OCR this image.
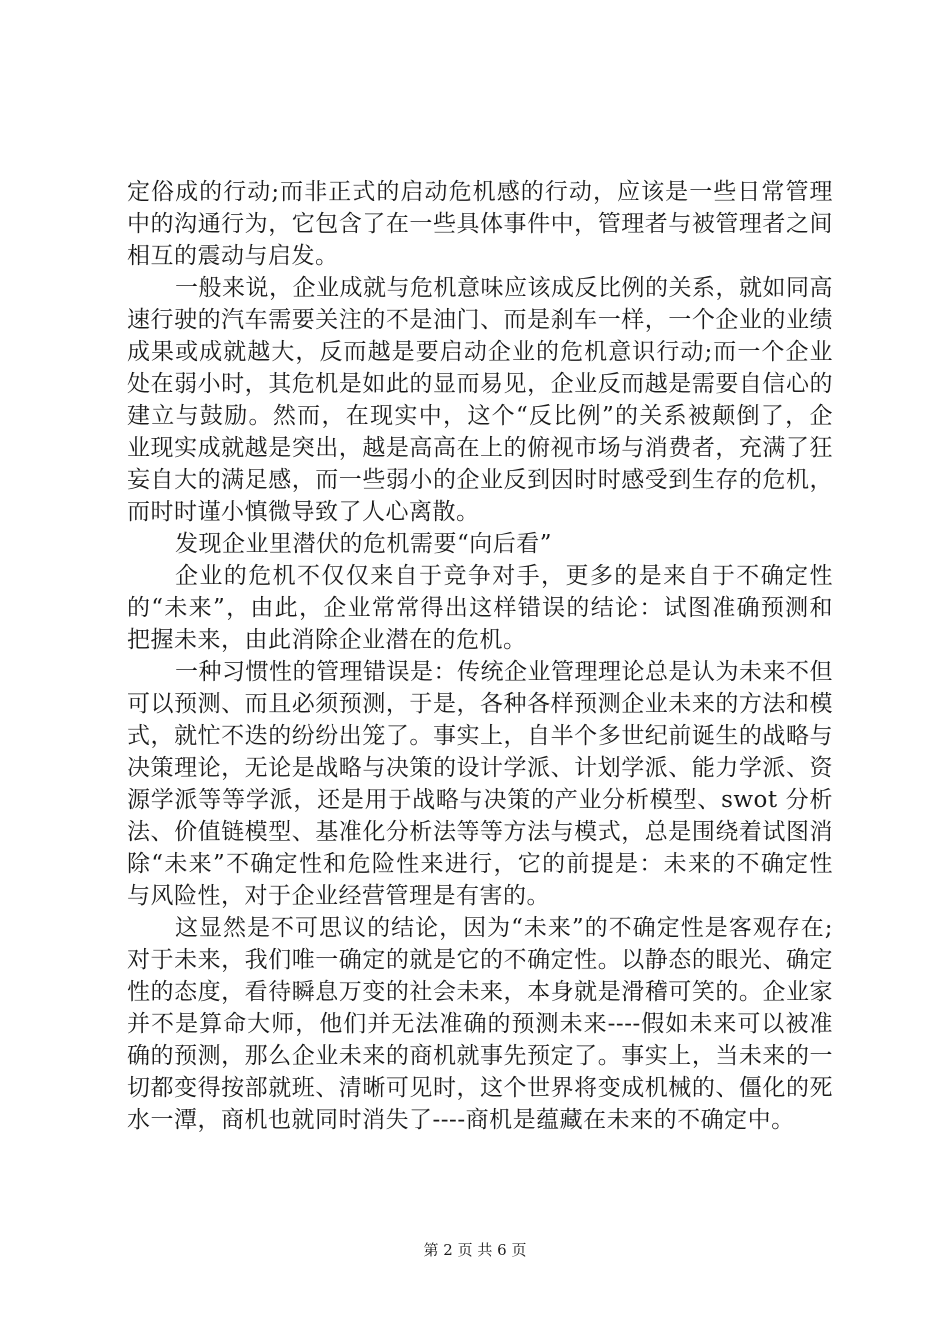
定俗成的行动;而非正式的启动危机感的行动，应该是一些日常管理中的沟通行为，它包含了在一些具体事件中，管理者与被管理者之间相互的震动与启发。

一般来说，企业成就与危机意味应该成反比例的关系，就如同高速行驶的汽车需要关注的不是油门、而是刹车一样，一个企业的业绩成果或成就越大，反而越是要启动企业的危机意识行动;而一个企业处在弱小时，其危机是如此的显而易见，企业反而越是需要自信心的建立与鼓励。然而，在现实中，这个“反比例”的关系被颠倒了，企业现实成就越是突出，越是高高在上的俯视市场与消费者，充满了狂妄自大的满足感，而一些弱小的企业反到因时时感受到生存的危机，而时时谨小慎微导致了人心离散。

发现企业里潜伏的危机需要“向后看”

企业的危机不仅仅来自于竞争对手，更多的是来自于不确定性的“未来”，由此，企业常常得出这样错误的结论：试图准确预测和把握未来，由此消除企业潜在的危机。

一种习惯性的管理错误是：传统企业管理理论总是认为未来不但可以预测、而且必须预测，于是，各种各样预测企业未来的方法和模式，就忙不迭的纷纷出笼了。事实上，自半个多世纪前诞生的战略与决策理论，无论是战略与决策的设计学派、计划学派、能力学派、资源学派等等学派，还是用于战略与决策的产业分析模型、swot 分析法、价值链模型、基准化分析法等等方法与模式，总是围绕着试图消除“未来”不确定性和危险性来进行，它的前提是：未来的不确定性与风险性，对于企业经营管理是有害的。

这显然是不可思议的结论，因为“未来”的不确定性是客观存在;对于未来，我们唯一确定的就是它的不确定性。以静态的眼光、确定性的态度，看待瞬息万变的社会未来，本身就是滑稽可笑的。企业家并不是算命大师，他们并无法准确的预测未来----假如未来可以被准确的预测，那么企业未来的商机就事先预定了。事实上，当未来的一切都变得按部就班、清晰可见时，这个世界将变成机械的、僵化的死水一潭，商机也就同时消失了----商机是蕴藏在未来的不确定中。

第 2 页 共 6 页
